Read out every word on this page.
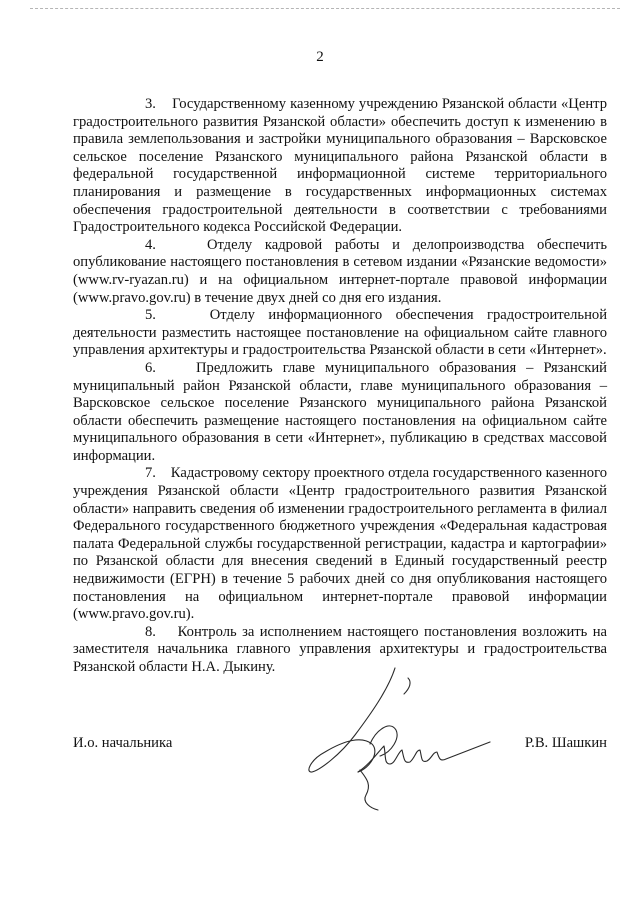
2

3. Государственному казенному учреждению Рязанской области «Центр градостроительного развития Рязанской области» обеспечить доступ к изменению в правила землепользования и застройки муниципального образования – Варсковское сельское поселение Рязанского муниципального района Рязанской области в федеральной государственной информационной системе территориального планирования и размещение в государственных информационных системах обеспечения градостроительной деятельности в соответствии с требованиями Градостроительного кодекса Российской Федерации.

4.	Отделу кадровой работы и делопроизводства обеспечить опубликование настоящего постановления в сетевом издании «Рязанские ведомости» (www.rv-ryazan.ru) и на официальном интернет-портале правовой информации (www.pravo.gov.ru) в течение двух дней со дня его издания.

5.	Отделу информационного обеспечения градостроительной деятельности разместить настоящее постановление на официальном сайте главного управления архитектуры и градостроительства Рязанской области в сети «Интернет».

6.	Предложить главе муниципального образования – Рязанский муниципальный район Рязанской области, главе муниципального образования – Варсковское сельское поселение Рязанского муниципального района Рязанской области обеспечить размещение настоящего постановления на официальном сайте муниципального образования в сети «Интернет», публикацию в средствах массовой информации.

7. Кадастровому сектору проектного отдела государственного казенного учреждения Рязанской области «Центр градостроительного развития Рязанской области» направить сведения об изменении градостроительного регламента в филиал Федерального государственного бюджетного учреждения «Федеральная кадастровая палата Федеральной службы государственной регистрации, кадастра и картографии» по Рязанской области для внесения сведений в Единый государственный реестр недвижимости (ЕГРН) в течение 5 рабочих дней со дня опубликования настоящего постановления на официальном интернет-портале правовой информации (www.pravo.gov.ru).

8. Контроль за исполнением настоящего постановления возложить на заместителя начальника главного управления архитектуры и градостроительства Рязанской области Н.А. Дыкину.

И.о. начальника	Р.В. Шашкин
